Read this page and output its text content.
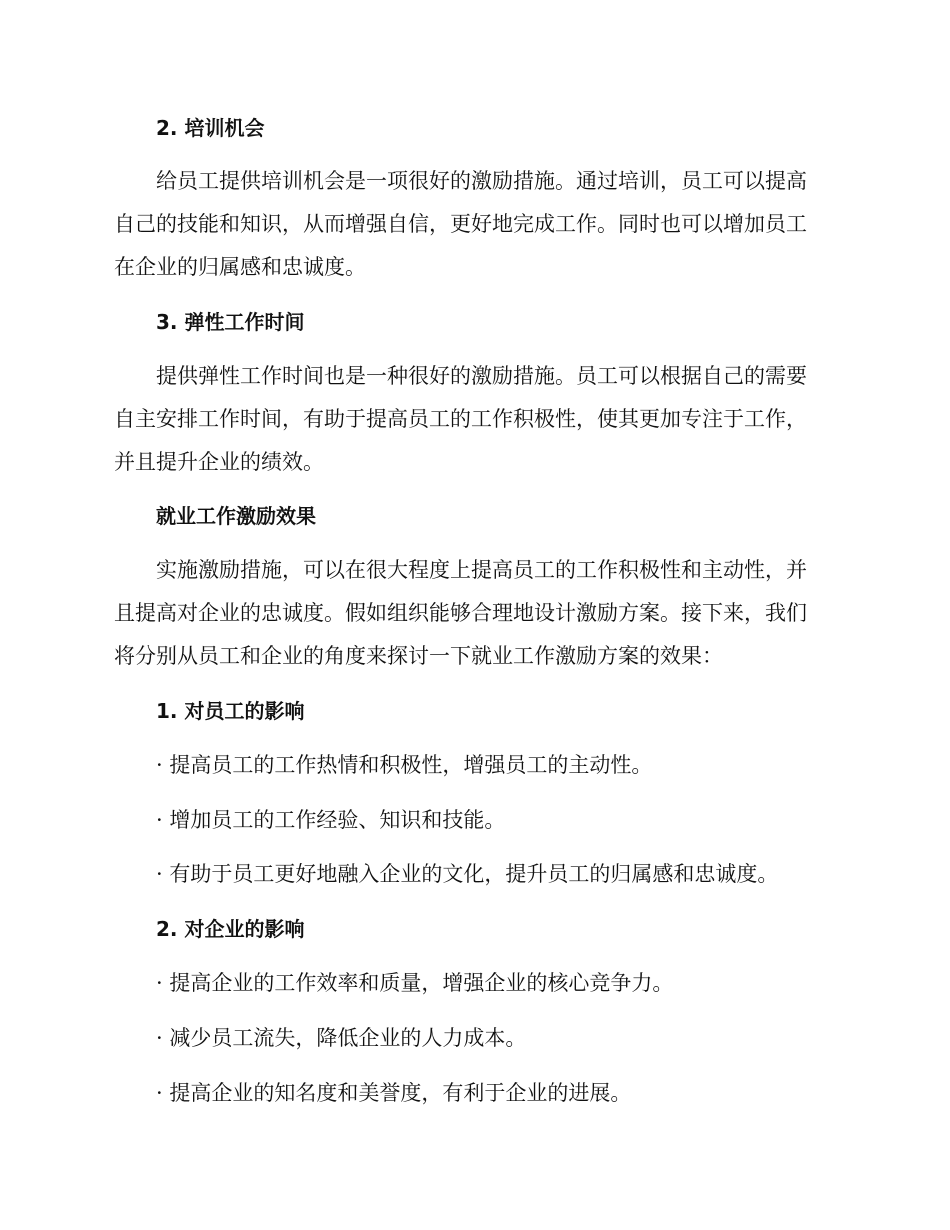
2. 培训机会
给员工提供培训机会是一项很好的激励措施。通过培训，员工可以提高
自己的技能和知识，从而增强自信，更好地完成工作。同时也可以增加员工
在企业的归属感和忠诚度。
3. 弹性工作时间
提供弹性工作时间也是一种很好的激励措施。员工可以根据自己的需要
自主安排工作时间，有助于提高员工的工作积极性，使其更加专注于工作，
并且提升企业的绩效。
就业工作激励效果
实施激励措施，可以在很大程度上提高员工的工作积极性和主动性，并
且提高对企业的忠诚度。假如组织能够合理地设计激励方案。接下来，我们
将分别从员工和企业的角度来探讨一下就业工作激励方案的效果：
1. 对员工的影响
· 提高员工的工作热情和积极性，增强员工的主动性。
· 增加员工的工作经验、知识和技能。
· 有助于员工更好地融入企业的文化，提升员工的归属感和忠诚度。
2. 对企业的影响
· 提高企业的工作效率和质量，增强企业的核心竞争力。
· 减少员工流失，降低企业的人力成本。
· 提高企业的知名度和美誉度，有利于企业的进展。
